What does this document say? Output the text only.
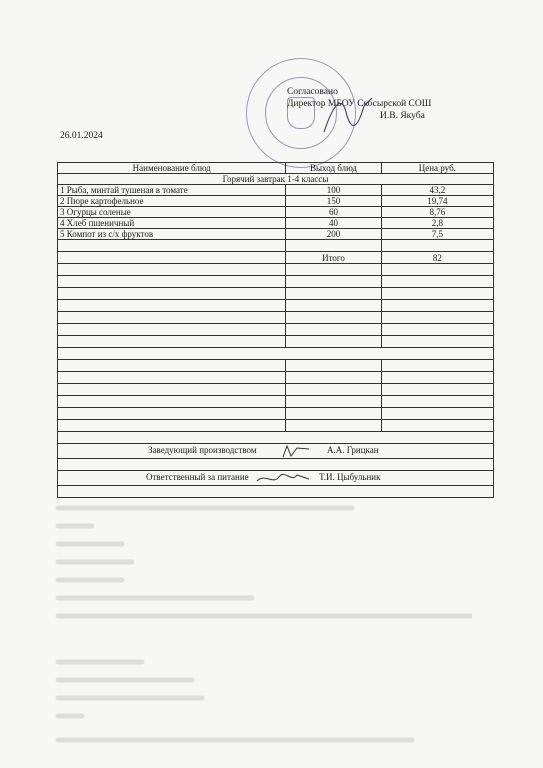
Согласовано
Директор МБОУ Скосырской СОШ
И.В. Якуба
26.01.2024
Наименование блюд	Выход блюд	Цена руб.
Горячий завтрак 1-4 классы		
1 Рыба, минтай тушеная в томате	100	43,2
2 Пюре картофельное	150	19,74
3 Огурцы соленые	60	8,76
4 Хлеб пшеничный	40	2,8
5 Компот из с/х фруктов	200	7,5

	Итого	82

Заведующий производством А.А. Грицкан		

Ответственный за питание Т.И. Цыбульник		
